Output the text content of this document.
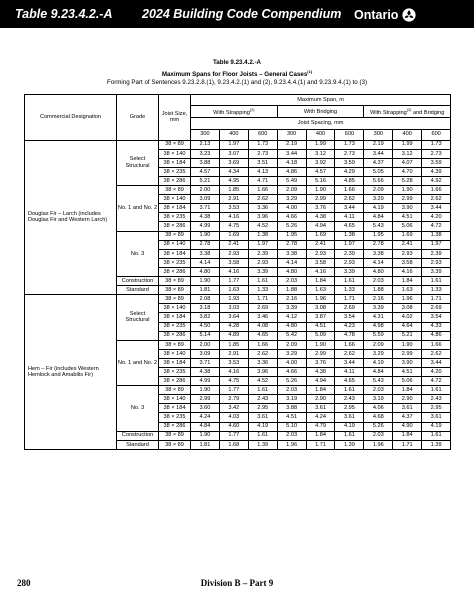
Table 9.23.4.2.-A 2024 Building Code Compendium Ontario
Table 9.23.4.2.-A
Maximum Spans for Floor Joists – General Cases$^{(1)}$
Forming Part of Sentences 9.23.2.8.(1), 9.23.4.2.(1) and (2), 9.23.4.4.(1) and 9.23.9.4.(1) to (3)
Commercial Designation	Grade	Joist Size, mm	Maximum Span, m								
			With Strapping$^{(2)}$			With Bridging			With Strapping$^{(2)}$ and Bridging		
			Joist Spacing, mm								
			300	400	600	300	400	600	300	400	600
Douglas Fir – Larch (includes Douglas Fir and Western Larch)	Select Structural	38 × 89	2.13	1.97	1.73	2.19	1.99	1.73	2.19	1.99	1.73
		38 × 140	3.23	3.07	2.73	3.44	3.12	2.73	3.44	3.12	2.73
		38 × 184	3.88	3.69	3.51	4.18	3.92	3.59	4.37	4.07	3.59
		38 × 235	4.57	4.34	4.13	4.86	4.57	4.29	5.05	4.70	4.39
		38 × 286	5.21	4.95	4.71	5.49	5.16	4.85	5.66	5.28	4.92
	No. 1 and No. 2	38 × 89	2.00	1.85	1.66	2.09	1.90	1.66	2.09	1.90	1.66
		38 × 140	3.09	2.91	2.62	3.29	2.99	2.62	3.29	2.99	2.62
		38 × 184	3.71	3.53	3.36	4.00	3.76	3.44	4.19	3.90	3.44
		38 × 235	4.38	4.16	3.96	4.66	4.38	4.11	4.84	4.51	4.20
		38 × 286	4.99	4.75	4.52	5.26	4.94	4.65	5.43	5.06	4.72
	No. 3	38 × 89	1.90	1.69	1.38	1.95	1.69	1.38	1.95	1.69	1.38
		38 × 140	2.78	2.41	1.97	2.78	2.41	1.97	2.78	2.41	1.97
		38 × 184	3.38	2.93	2.39	3.38	2.93	2.39	3.38	2.93	2.39
		38 × 235	4.14	3.58	2.93	4.14	3.58	2.93	4.14	3.58	2.93
		38 × 286	4.80	4.16	3.39	4.80	4.16	3.39	4.80	4.16	3.39
	Construction	38 × 89	1.90	1.77	1.61	2.03	1.84	1.61	2.03	1.84	1.61
	Standard	38 × 89	1.81	1.63	1.33	1.88	1.63	1.33	1.88	1.63	1.33
Hem – Fir (includes Western Hemlock and Amabilis Fir)	Select Structural	38 × 89	2.08	1.93	1.71	2.16	1.96	1.71	2.16	1.96	1.71
		38 × 140	3.18	3.03	2.69	3.39	3.08	2.69	3.39	3.08	2.69
		38 × 184	3.82	3.64	3.46	4.12	3.87	3.54	4.31	4.02	3.54
		38 × 235	4.50	4.28	4.08	4.80	4.51	4.23	4.98	4.64	4.33
		38 × 286	5.14	4.89	4.65	5.42	5.09	4.78	5.59	5.21	4.86
	No. 1 and No. 2	38 × 89	2.00	1.85	1.66	2.09	1.90	1.66	2.09	1.90	1.66
		38 × 140	3.09	2.91	2.62	3.29	2.99	2.62	3.29	2.99	2.62
		38 × 184	3.71	3.53	3.36	4.00	3.76	3.44	4.19	3.90	3.44
		38 × 235	4.38	4.16	3.96	4.66	4.38	4.11	4.84	4.51	4.20
		38 × 286	4.99	4.75	4.52	5.26	4.94	4.65	5.43	5.06	4.72
	No. 3	38 × 89	1.90	1.77	1.61	2.03	1.84	1.61	2.03	1.84	1.61
		38 × 140	2.99	2.79	2.43	3.19	2.90	2.43	3.19	2.90	2.43
		38 × 184	3.60	3.42	2.95	3.88	3.61	2.95	4.06	3.61	2.95
		38 × 235	4.24	4.03	3.61	4.51	4.24	3.61	4.68	4.37	3.61
		38 × 286	4.84	4.60	4.19	5.10	4.79	4.19	5.26	4.90	4.19
	Construction	38 × 89	1.90	1.77	1.61	2.03	1.84	1.61	2.03	1.84	1.61
	Standard	38 × 89	1.81	1.68	1.39	1.96	1.71	1.39	1.96	1.71	1.39
280	Division B – Part 9
